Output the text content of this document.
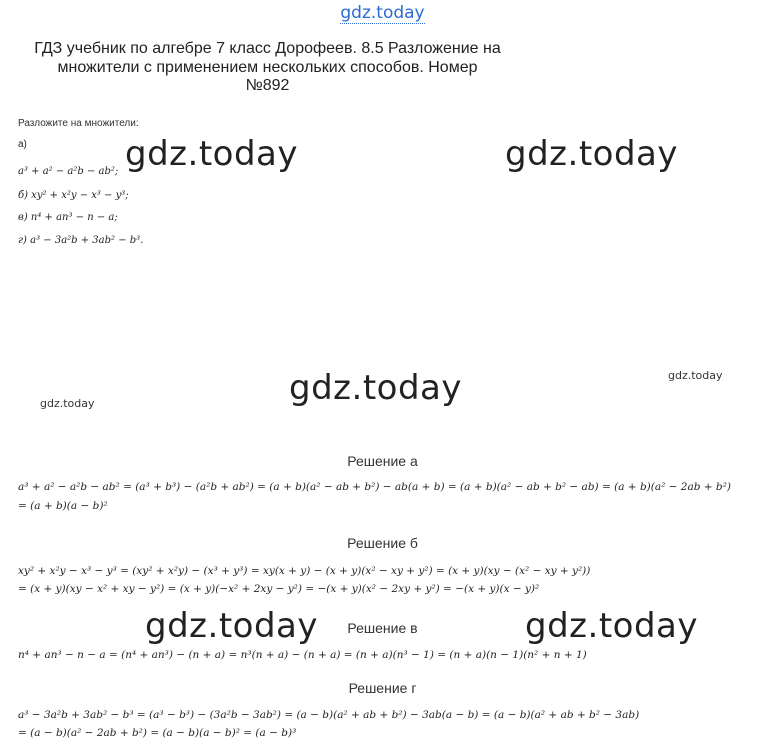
gdz.today
ГДЗ учебник по алгебре 7 класс Дорофеев. 8.5 Разложение на
множители с применением нескольких способов. Номер
№892
Разложите на множители:
а)
a³ + a² − a²b − ab²;
б) xy² + x²y − x³ − y³;
в) n⁴ + an³ − n − a;
г) a³ − 3a²b + 3ab² − b³.
gdz.today	gdz.today
gdz.today	gdz.today
gdz.today
gdz.today	gdz.today
Решение а
a³ + a² − a²b − ab² = (a³ + b³) − (a²b + ab²) = (a + b)(a² − ab + b²) − ab(a + b) = (a + b)(a² − ab + b² − ab) = (a + b)(a² − 2ab + b²)
= (a + b)(a − b)²
Решение б
xy² + x²y − x³ − y³ = (xy² + x²y) − (x³ + y³) = xy(x + y) − (x + y)(x² − xy + y²) = (x + y)(xy − (x² − xy + y²))
= (x + y)(xy − x² + xy − y²) = (x + y)(−x² + 2xy − y²) = −(x + y)(x² − 2xy + y²) = −(x + y)(x − y)²
Решение в
n⁴ + an³ − n − a = (n⁴ + an³) − (n + a) = n³(n + a) − (n + a) = (n + a)(n³ − 1) = (n + a)(n − 1)(n² + n + 1)
Решение г
a³ − 3a²b + 3ab² − b³ = (a³ − b³) − (3a²b − 3ab²) = (a − b)(a² + ab + b²) − 3ab(a − b) = (a − b)(a² + ab + b² − 3ab)
= (a − b)(a² − 2ab + b²) = (a − b)(a − b)² = (a − b)³
